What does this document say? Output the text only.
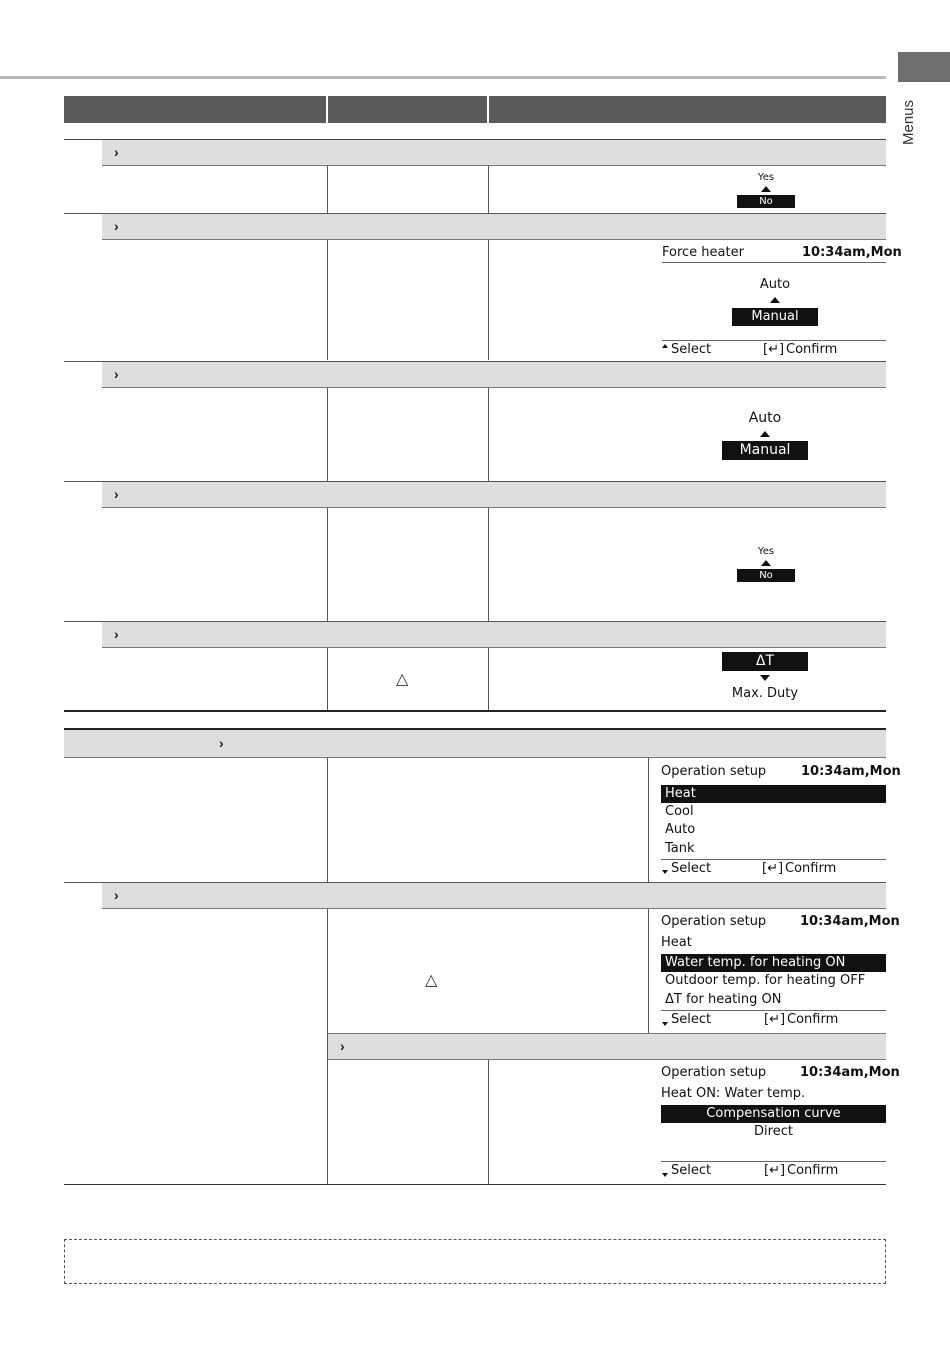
Menus
›
Yes
No
›
Force heater	10:34am,Mon
Auto
Manual
Select	[↵] Confirm
›
Auto
Manual
›
Yes
No
›
△
ΔT
Max. Duty
›
Operation setup	10:34am,Mon
Heat
Cool
Auto
Tank
Select	[↵] Confirm
›
△
Operation setup	10:34am,Mon
Heat
Water temp. for heating ON
Outdoor temp. for heating OFF
ΔT for heating ON
Select	[↵] Confirm
›
Operation setup	10:34am,Mon
Heat ON: Water temp.
Compensation curve
Direct
Select	[↵] Confirm
